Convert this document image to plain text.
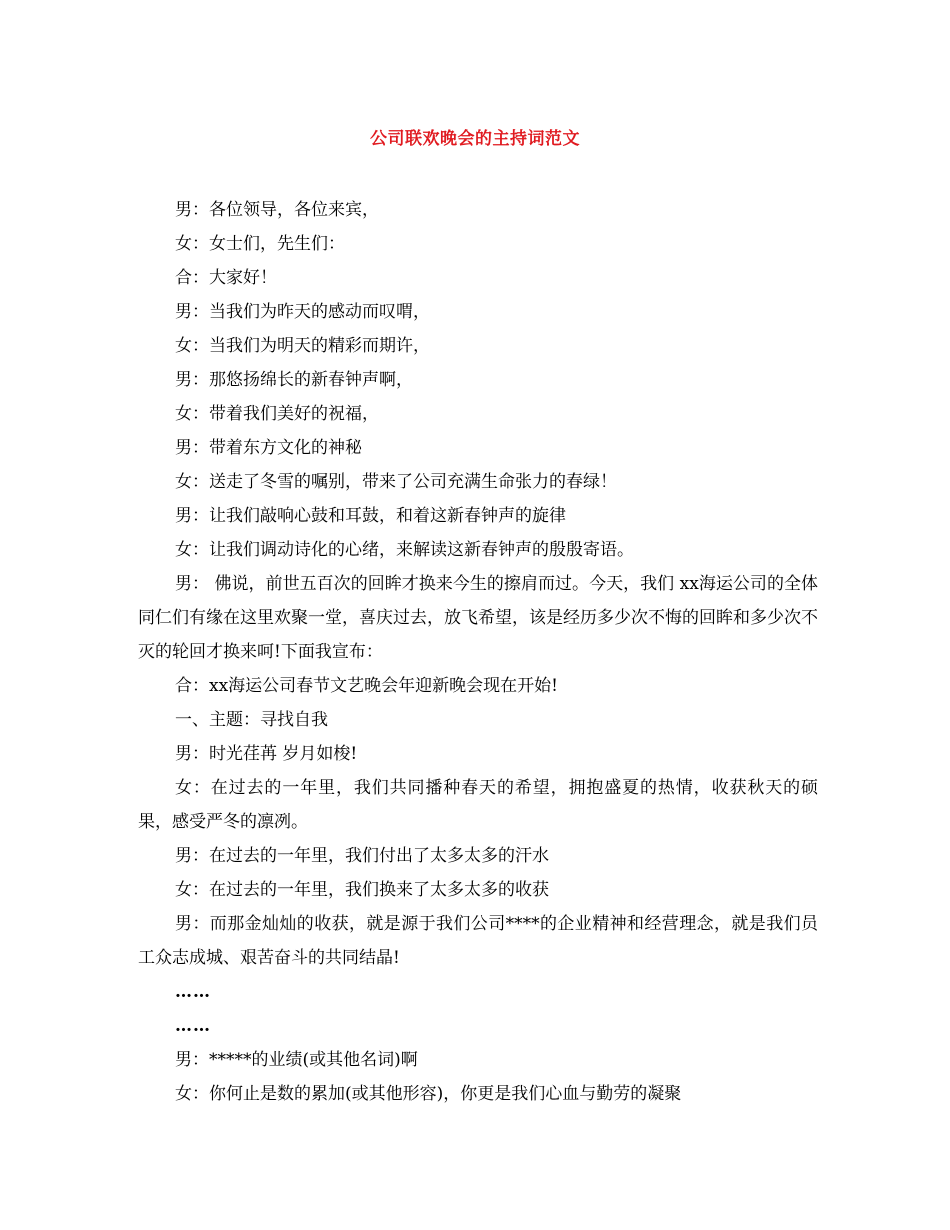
公司联欢晚会的主持词范文

男：各位领导，各位来宾，

女：女士们，先生们：

合：大家好！

男：当我们为昨天的感动而叹喟，

女：当我们为明天的精彩而期许，

男：那悠扬绵长的新春钟声啊，

女：带着我们美好的祝福，

男：带着东方文化的神秘

女：送走了冬雪的嘱别，带来了公司充满生命张力的春绿！

男：让我们敲响心鼓和耳鼓，和着这新春钟声的旋律

女：让我们调动诗化的心绪，来解读这新春钟声的殷殷寄语。

男： 佛说，前世五百次的回眸才换来今生的擦肩而过。今天，我们 xx海运公司的全体同仁们有缘在这里欢聚一堂，喜庆过去，放飞希望，该是经历多少次不悔的回眸和多少次不灭的轮回才换来呵!下面我宣布：

合：xx海运公司春节文艺晚会年迎新晚会现在开始!

一、主题：寻找自我

男：时光荏苒 岁月如梭!

女：在过去的一年里，我们共同播种春天的希望，拥抱盛夏的热情，收获秋天的硕果，感受严冬的凛冽。

男：在过去的一年里，我们付出了太多太多的汗水

女：在过去的一年里，我们换来了太多太多的收获

男：而那金灿灿的收获，就是源于我们公司****的企业精神和经营理念，就是我们员工众志成城、艰苦奋斗的共同结晶!

……

……

男：*****的业绩(或其他名词)啊

女：你何止是数的累加(或其他形容)，你更是我们心血与勤劳的凝聚
